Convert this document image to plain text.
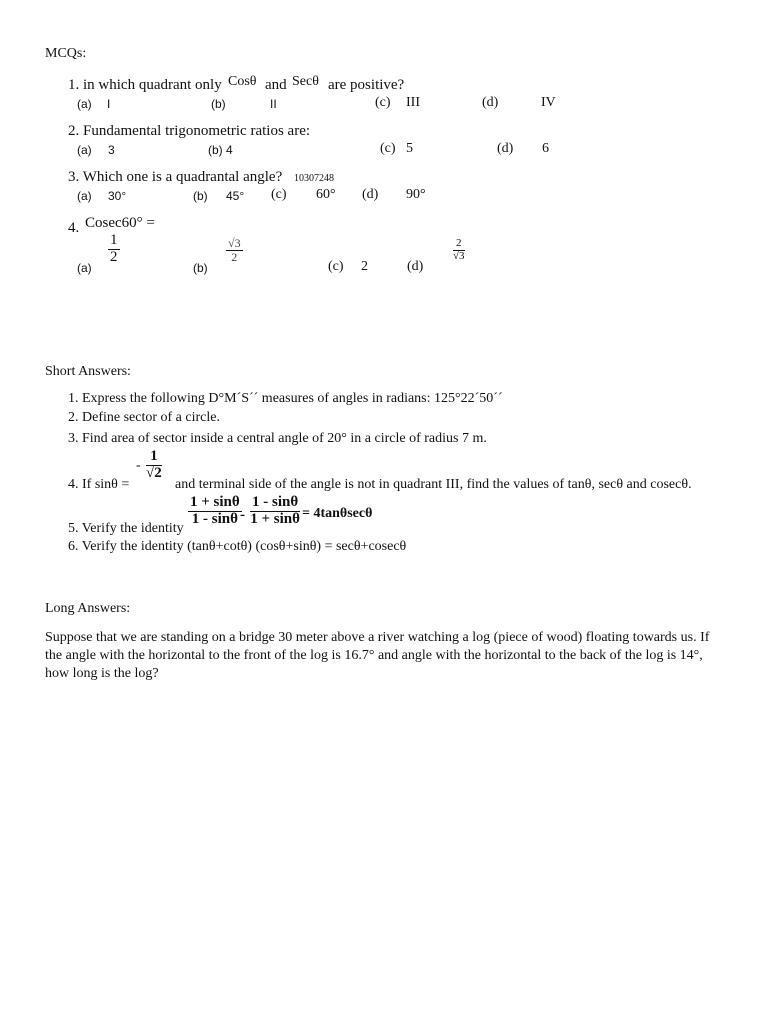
MCQs:
1. in which quadrant only Cosθ and Secθ are positive?
(a) I	(b)	II	(c) III	(d)	IV
2. Fundamental trigonometric ratios are:
(a) 3	(b) 4	(c) 5	(d) 6
3. Which one is a quadrantal angle? 10307248
(a) 30°	(b) 45° (c) 60° (d) 90°
4. Cosec60° =
(a)
$\frac{1}{2}$
(b)
$\frac{√3}{2}$
(c) 2	(d)
$\frac{2}{√3}$
Short Answers:
1. Express the following D°M´S´´ measures of angles in radians: 125°22´50´´
2. Define sector of a circle.
3. Find area of sector inside a central angle of 20° in a circle of radius 7 m.
4. If sinθ =
- $\frac{1}{√2}$
and terminal side of the angle is not in quadrant III, find the values of tanθ, secθ and cosecθ.
5. Verify the identity
$\frac{1 + \sin\theta}{1 - \sin\theta}$
- $\frac{1 - \sin\theta}{1 + \sin\theta} = 4\tan\theta\sec\theta$
6. Verify the identity (tanθ+cotθ) (cosθ+sinθ) = secθ+cosecθ
Long Answers:
Suppose that we are standing on a bridge 30 meter above a river watching a log (piece of wood) floating towards us. If the angle with the horizontal to the front of the log is 16.7° and angle with the horizontal to the back of the log is 14°, how long is the log?
